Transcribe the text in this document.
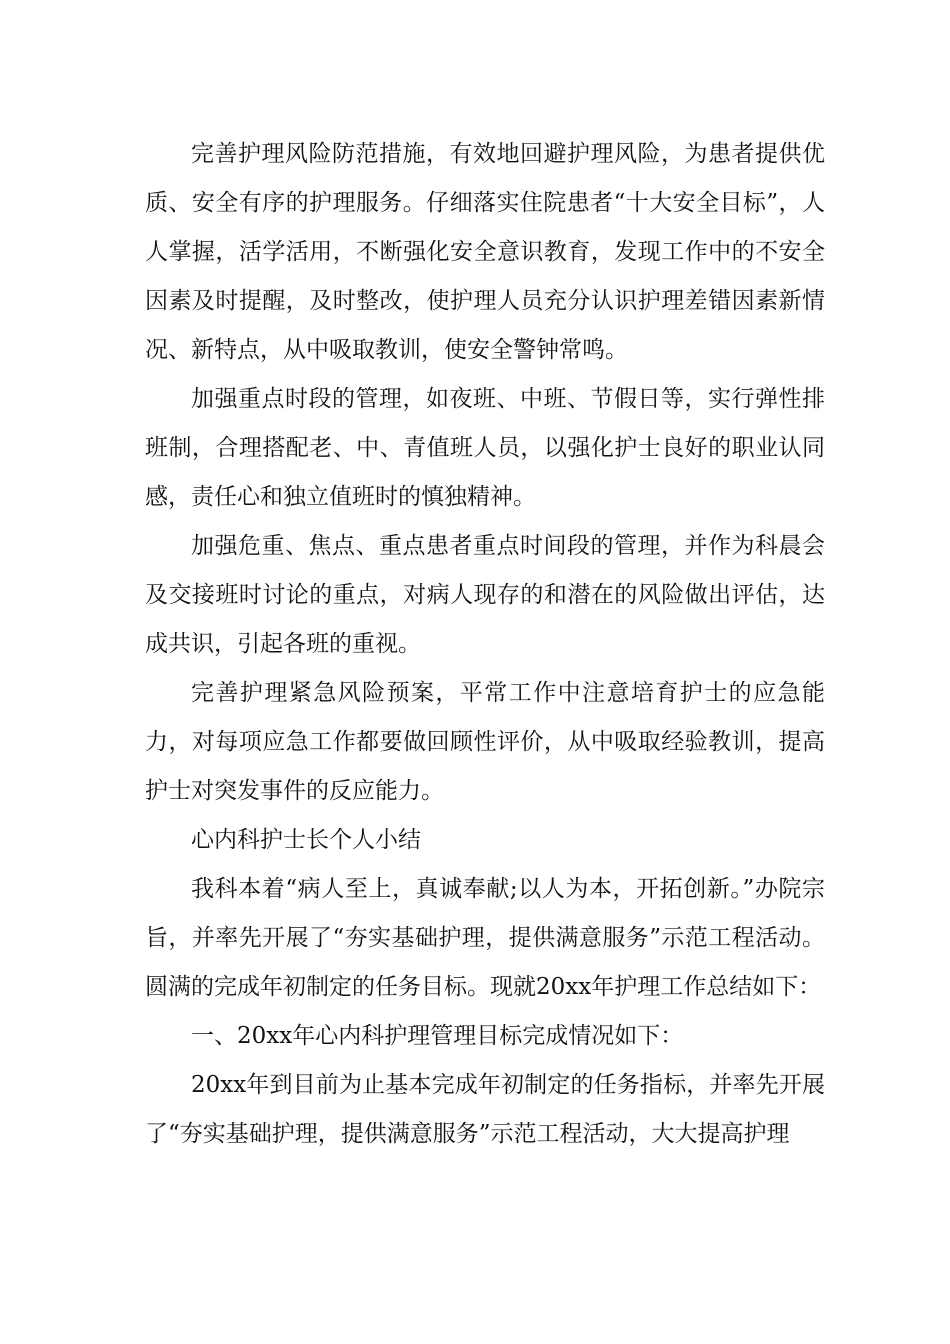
完善护理风险防范措施，有效地回避护理风险，为患者提供优质、安全有序的护理服务。仔细落实住院患者“十大安全目标”，人人掌握，活学活用，不断强化安全意识教育，发现工作中的不安全因素及时提醒，及时整改，使护理人员充分认识护理差错因素新情况、新特点，从中吸取教训，使安全警钟常鸣。

加强重点时段的管理，如夜班、中班、节假日等，实行弹性排班制，合理搭配老、中、青值班人员，以强化护士良好的职业认同感，责任心和独立值班时的慎独精神。

加强危重、焦点、重点患者重点时间段的管理，并作为科晨会及交接班时讨论的重点，对病人现存的和潜在的风险做出评估，达成共识，引起各班的重视。

完善护理紧急风险预案，平常工作中注意培育护士的应急能力，对每项应急工作都要做回顾性评价，从中吸取经验教训，提高护士对突发事件的反应能力。

心内科护士长个人小结

我科本着“病人至上，真诚奉献;以人为本，开拓创新。”办院宗旨，并率先开展了“夯实基础护理，提供满意服务”示范工程活动。圆满的完成年初制定的任务目标。现就20xx年护理工作总结如下：

一、20xx年心内科护理管理目标完成情况如下：

20xx年到目前为止基本完成年初制定的任务指标，并率先开展了“夯实基础护理，提供满意服务”示范工程活动，大大提高护理
